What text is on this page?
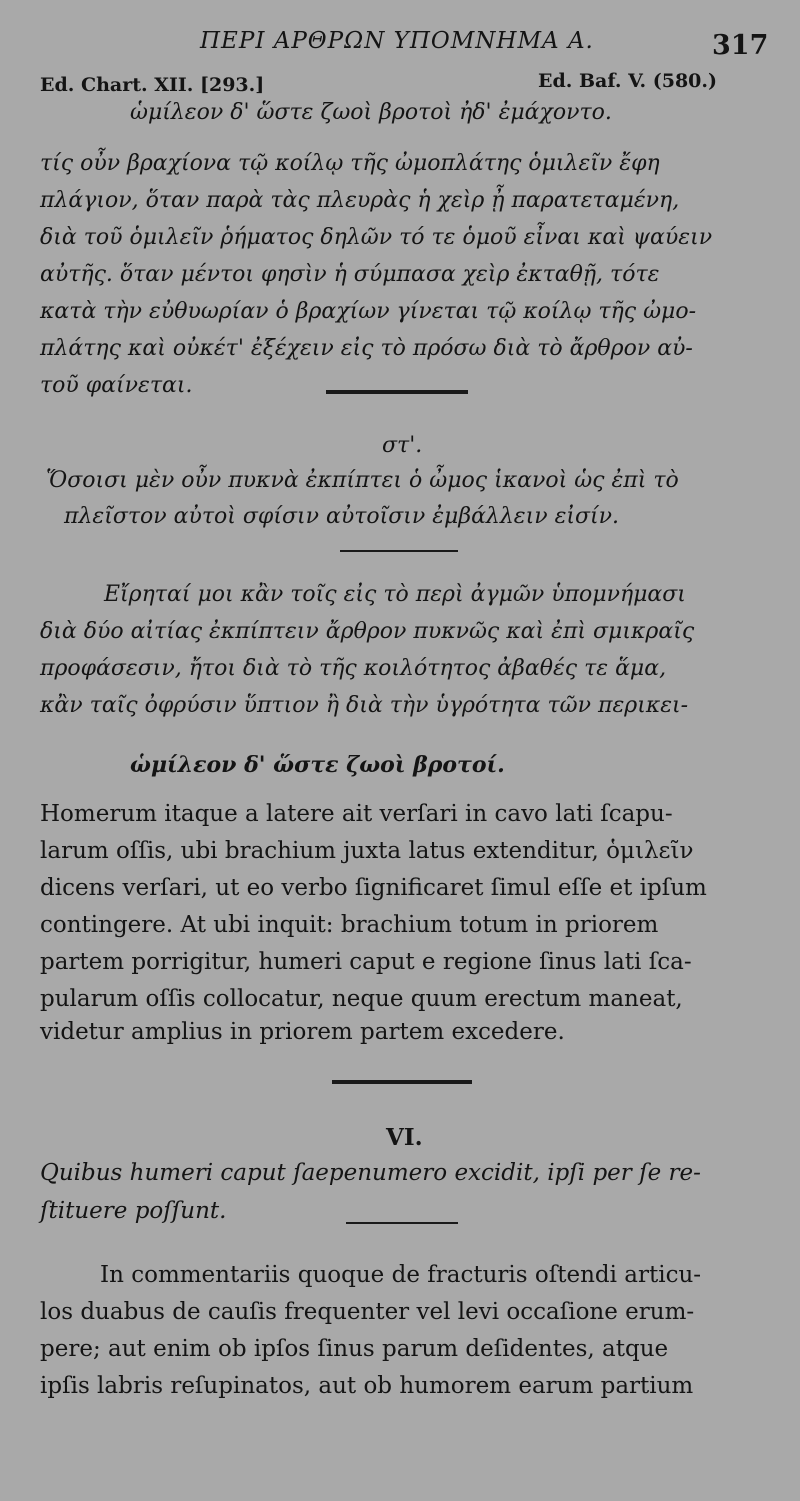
ΠΕΡΙ ΑΡΘΡΩΝ ΥΠΟΜΝΗΜΑ Α.	317
Ed. Chart. XII. [293.]	Ed. Baf. V. (580.)
ὡμίλεον δ' ὥστε ζωοὶ βροτοὶ ἠδ' ἐμάχοντο.
τίς οὖν βραχίονα τῷ κοίλῳ τῆς ὠμοπλάτης ὁμιλεῖν ἔφη
πλάγιον, ὅταν παρὰ τὰς πλευρὰς ἡ χεὶρ ᾖ παρατεταμένη,
διὰ τοῦ ὁμιλεῖν ῥήματος δηλῶν τό τε ὁμοῦ εἶναι καὶ ψαύειν
αὐτῆς. ὅταν μέντοι φησὶν ἡ σύμπασα χεὶρ ἐκταθῇ, τότε
κατὰ τὴν εὐθυωρίαν ὁ βραχίων γίνεται τῷ κοίλῳ τῆς ὠμο-
πλάτης καὶ οὐκέτ' ἐξέχειν εἰς τὸ πρόσω διὰ τὸ ἄρθρον αὐ-
τοῦ φαίνεται.
στ'.
Ὅσοισι μὲν οὖν πυκνὰ ἐκπίπτει ὁ ὦμος ἱκανοὶ ὡς ἐπὶ τὸ
πλεῖστον αὐτοὶ σφίσιν αὐτοῖσιν ἐμβάλλειν εἰσίν.
Εἴρηταί μοι κἂν τοῖς εἰς τὸ περὶ ἀγμῶν ὑπομνήμασι
διὰ δύο αἰτίας ἐκπίπτειν ἄρθρον πυκνῶς καὶ ἐπὶ σμικραῖς
προφάσεσιν, ἤτοι διὰ τὸ τῆς κοιλότητος ἀβαθές τε ἅμα,
κἂν ταῖς ὀφρύσιν ὕπτιον ἢ διὰ τὴν ὑγρότητα τῶν περικει-
ὡμίλεον δ' ὥστε ζωοὶ βροτοί.
Homerum itaque a latere ait verſari in cavo lati ſcapu-
larum oſſis, ubi brachium juxta latus extenditur, ὁμιλεῖν
dicens verſari, ut eo verbo ſignificaret ſimul eſſe et ipſum
contingere. At ubi inquit: brachium totum in priorem
partem porrigitur, humeri caput e regione ſinus lati ſca-
pularum oſſis collocatur, neque quum erectum maneat,
videtur amplius in priorem partem excedere.
VI.
Quibus humeri caput ſaepenumero excidit, ipſi per ſe re-
ſtituere poſſunt.
In commentariis quoque de fracturis oſtendi articu-
los duabus de cauſis frequenter vel levi occaſione erum-
pere; aut enim ob ipſos ſinus parum deſidentes, atque
ipſis labris reſupinatos, aut ob humorem earum partium
